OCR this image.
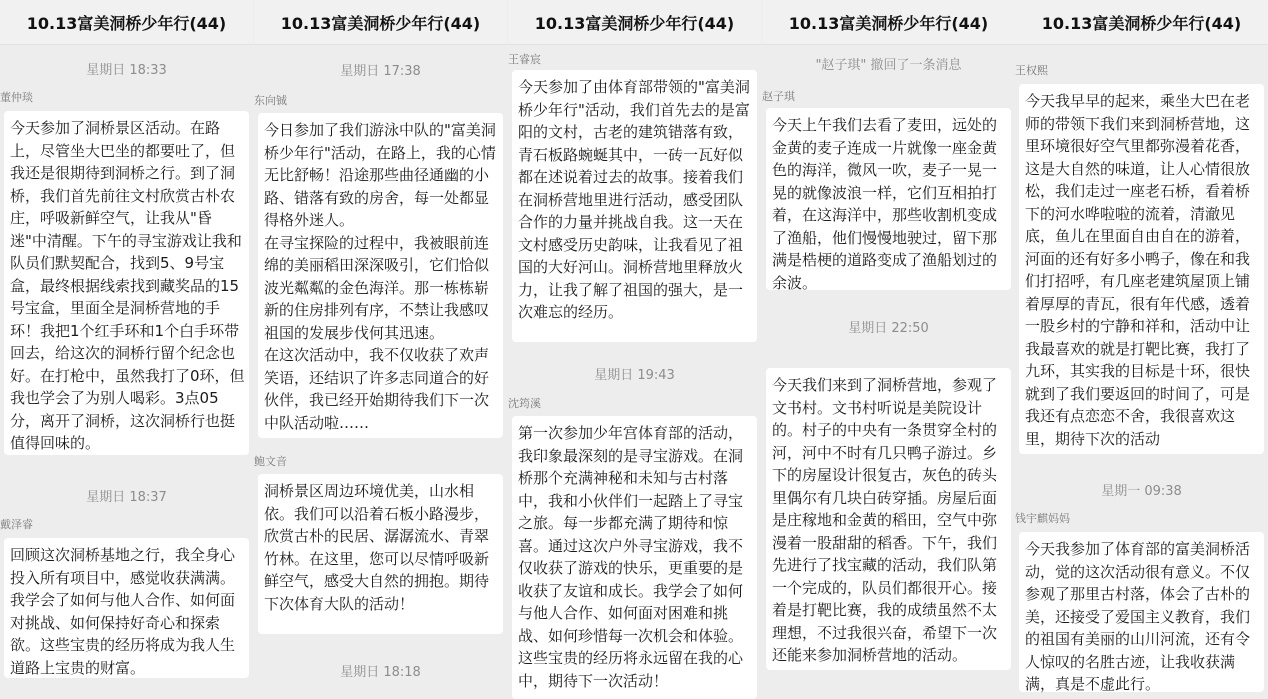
10.13富美洞桥少年行(44)
星期日 18:33
董仲琰
今天参加了洞桥景区活动。在路上，尽管坐大巴坐的都要吐了，但我还是很期待到洞桥之行。到了洞桥，我们首先前往文村欣赏古朴农庄，呼吸新鲜空气，让我从"昏迷"中清醒。下午的寻宝游戏让我和队员们默契配合，找到5、9号宝盒，最终根据线索找到藏奖品的15号宝盒，里面全是洞桥营地的手环！我把1个红手环和1个白手环带回去，给这次的洞桥行留个纪念也好。在打枪中，虽然我打了0环，但我也学会了为别人喝彩。3点05分，离开了洞桥，这次洞桥行也挺值得回味的。
星期日 18:37
戴泽睿
回顾这次洞桥基地之行，我全身心投入所有项目中，感觉收获满满。我学会了如何与他人合作、如何面对挑战、如何保持好奇心和探索欲。这些宝贵的经历将成为我人生道路上宝贵的财富。
10.13富美洞桥少年行(44)
星期日 17:38
东向铖
今日参加了我们游泳中队的"富美洞桥少年行"活动，在路上，我的心情无比舒畅！沿途那些曲径通幽的小路、错落有致的房舍，每一处都显得格外迷人。
在寻宝探险的过程中，我被眼前连绵的美丽稻田深深吸引，它们恰似波光粼粼的金色海洋。那一栋栋崭新的住房排列有序，不禁让我感叹祖国的发展步伐何其迅速。
在这次活动中，我不仅收获了欢声笑语，还结识了许多志同道合的好伙伴，我已经开始期待我们下一次中队活动啦……
鲍文音
洞桥景区周边环境优美，山水相依。我们可以沿着石板小路漫步，欣赏古朴的民居、潺潺流水、青翠竹林。在这里，您可以尽情呼吸新鲜空气，感受大自然的拥抱。期待下次体育大队的活动！
星期日 18:18
10.13富美洞桥少年行(44)
王睿宸
今天参加了由体育部带领的"富美洞桥少年行"活动，我们首先去的是富阳的文村，古老的建筑错落有致，青石板路蜿蜒其中，一砖一瓦好似都在述说着过去的故事。接着我们在洞桥营地里进行活动，感受团队合作的力量并挑战自我。这一天在文村感受历史韵味，让我看见了祖国的大好河山。洞桥营地里释放火力，让我了解了祖国的强大，是一次难忘的经历。
星期日 19:43
沈筠溪
第一次参加少年宫体育部的活动，我印象最深刻的是寻宝游戏。在洞桥那个充满神秘和未知与古村落中，我和小伙伴们一起踏上了寻宝之旅。每一步都充满了期待和惊喜。通过这次户外寻宝游戏，我不仅收获了游戏的快乐，更重要的是收获了友谊和成长。我学会了如何与他人合作、如何面对困难和挑战、如何珍惜每一次机会和体验。这些宝贵的经历将永远留在我的心中，期待下一次活动！
10.13富美洞桥少年行(44)
"赵子琪" 撤回了一条消息
赵子琪
今天上午我们去看了麦田，远处的金黄的麦子连成一片就像一座金黄色的海洋，微风一吹，麦子一晃一晃的就像波浪一样，它们互相拍打着，在这海洋中，那些收割机变成了渔船，他们慢慢地驶过，留下那满是梏梗的道路变成了渔船划过的余波。
星期日 22:50
今天我们来到了洞桥营地，参观了文书村。文书村听说是美院设计的。村子的中央有一条贯穿全村的河，河中不时有几只鸭子游过。乡下的房屋设计很复古，灰色的砖头里偶尔有几块白砖穿插。房屋后面是庄稼地和金黄的稻田，空气中弥漫着一股甜甜的稻香。下午，我们先进行了找宝藏的活动，我们队第一个完成的，队员们都很开心。接着是打靶比赛，我的成绩虽然不太理想，不过我很兴奋，希望下一次还能来参加洞桥营地的活动。
10.13富美洞桥少年行(44)
王权熙
今天我早早的起来，乘坐大巴在老师的带领下我们来到洞桥营地，这里环境很好空气里都弥漫着花香，这是大自然的味道，让人心情很放松，我们走过一座老石桥，看着桥下的河水哗啦啦的流着，清澈见底，鱼儿在里面自由自在的游着，河面的还有好多小鸭子，像在和我们打招呼，有几座老建筑屋顶上铺着厚厚的青瓦，很有年代感，透着一股乡村的宁静和祥和，活动中让我最喜欢的就是打靶比赛，我打了九环，其实我的目标是十环，很快就到了我们要返回的时间了，可是我还有点恋恋不舍，我很喜欢这里，期待下次的活动
星期一 09:38
钱宇麒妈妈
今天我参加了体育部的富美洞桥活动，觉的这次活动很有意义。不仅参观了那里古村落，体会了古朴的美，还接受了爱国主义教育，我们的祖国有美丽的山川河流，还有令人惊叹的名胜古迹，让我收获满满，真是不虚此行。
